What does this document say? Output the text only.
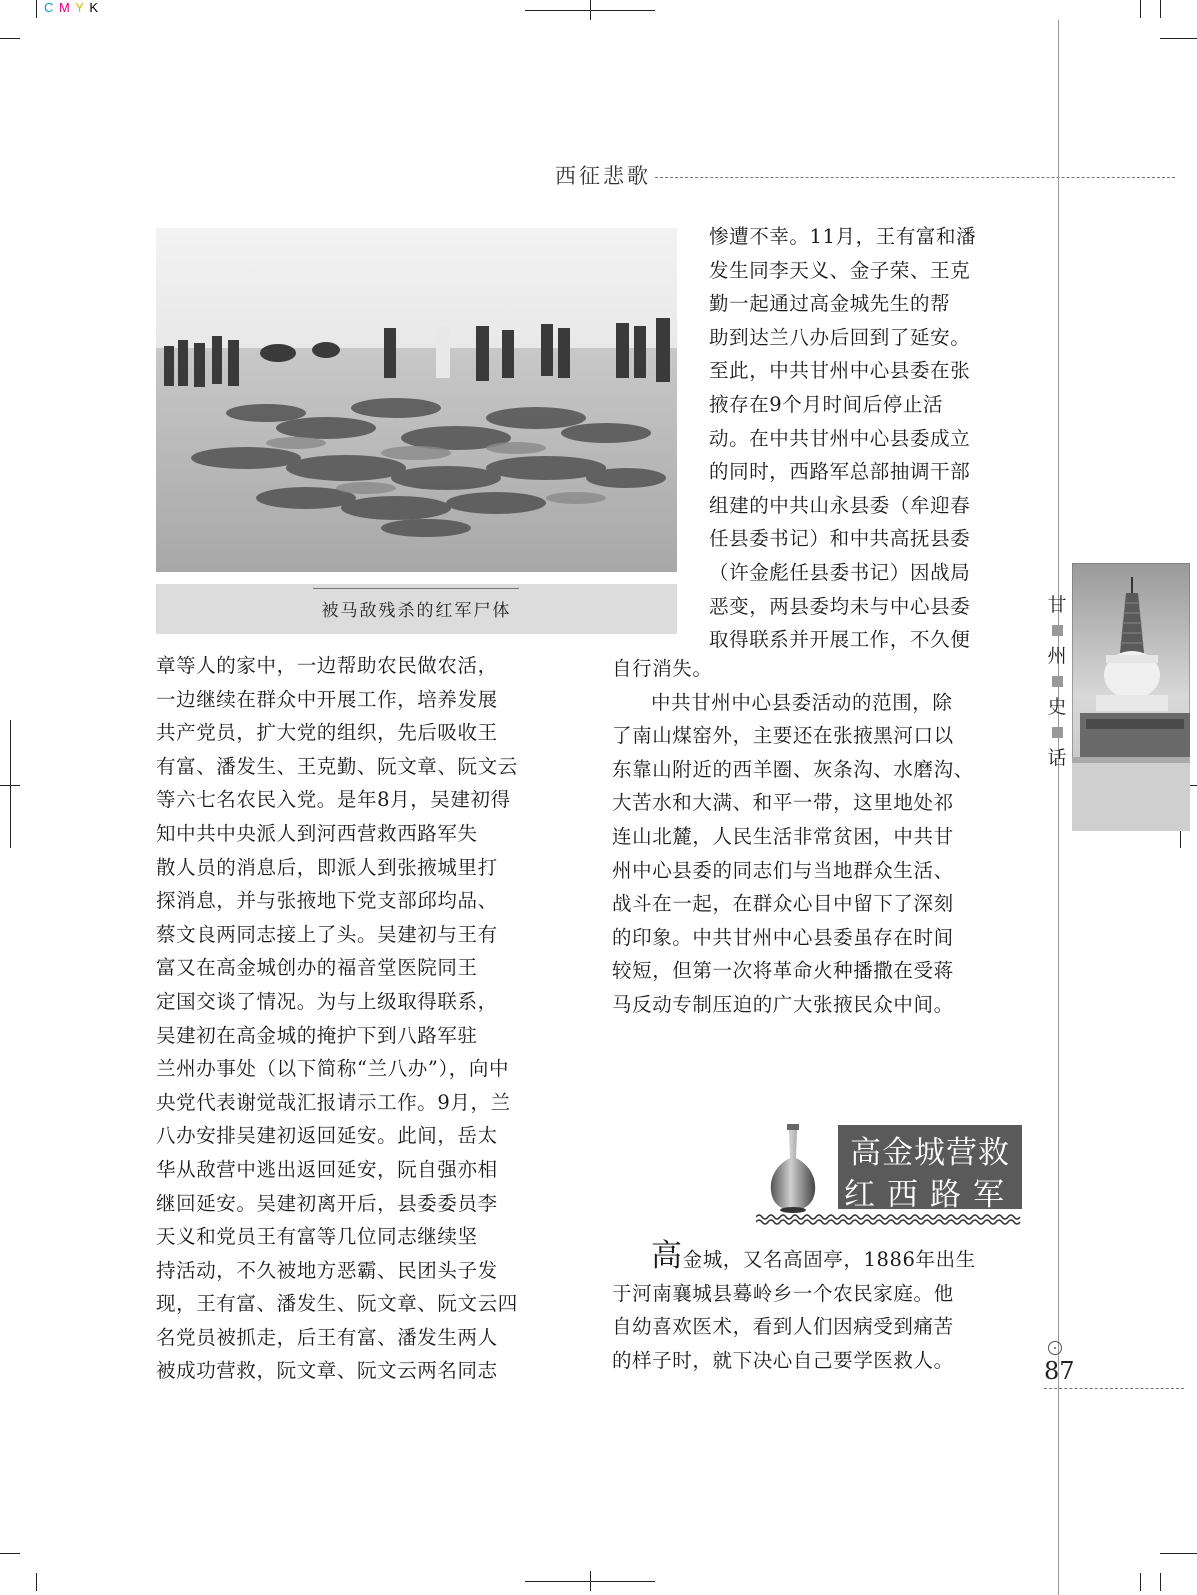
C M Y K
西征悲歌
被马敌残杀的红军尸体

惨遭不幸。11月，王有富和潘

发生同李天义、金子荣、王克

勤一起通过高金城先生的帮

助到达兰八办后回到了延安。

至此，中共甘州中心县委在张

掖存在9个月时间后停止活

动。在中共甘州中心县委成立

的同时，西路军总部抽调干部

组建的中共山永县委（牟迎春

任县委书记）和中共高抚县委

（许金彪任县委书记）因战局

恶变，两县委均未与中心县委

取得联系并开展工作，不久便

章等人的家中，一边帮助农民做农活，

一边继续在群众中开展工作，培养发展

共产党员，扩大党的组织，先后吸收王

有富、潘发生、王克勤、阮文章、阮文云

等六七名农民入党。是年8月，吴建初得

知中共中央派人到河西营救西路军失

散人员的消息后，即派人到张掖城里打

探消息，并与张掖地下党支部邱均品、

蔡文良两同志接上了头。吴建初与王有

富又在高金城创办的福音堂医院同王

定国交谈了情况。为与上级取得联系，

吴建初在高金城的掩护下到八路军驻

兰州办事处（以下简称“兰八办”），向中

央党代表谢觉哉汇报请示工作。9月，兰

八办安排吴建初返回延安。此间，岳太

华从敌营中逃出返回延安，阮自强亦相

继回延安。吴建初离开后，县委委员李

天义和党员王有富等几位同志继续坚

持活动，不久被地方恶霸、民团头子发

现，王有富、潘发生、阮文章、阮文云四

名党员被抓走，后王有富、潘发生两人

被成功营救，阮文章、阮文云两名同志

自行消失。

中共甘州中心县委活动的范围，除

了南山煤窑外，主要还在张掖黑河口以

东靠山附近的西羊圈、灰条沟、水磨沟、

大苦水和大满、和平一带，这里地处祁

连山北麓，人民生活非常贫困，中共甘

州中心县委的同志们与当地群众生活、

战斗在一起，在群众心目中留下了深刻

的印象。中共甘州中心县委虽存在时间

较短，但第一次将革命火种播撒在受蒋

马反动专制压迫的广大张掖民众中间。

高金城营救
红西路军

高金城，又名高固亭，1886年出生

于河南襄城县蓦岭乡一个农民家庭。他

自幼喜欢医术，看到人们因病受到痛苦

的样子时，就下决心自己要学医救人。

甘
州
史
话
87
